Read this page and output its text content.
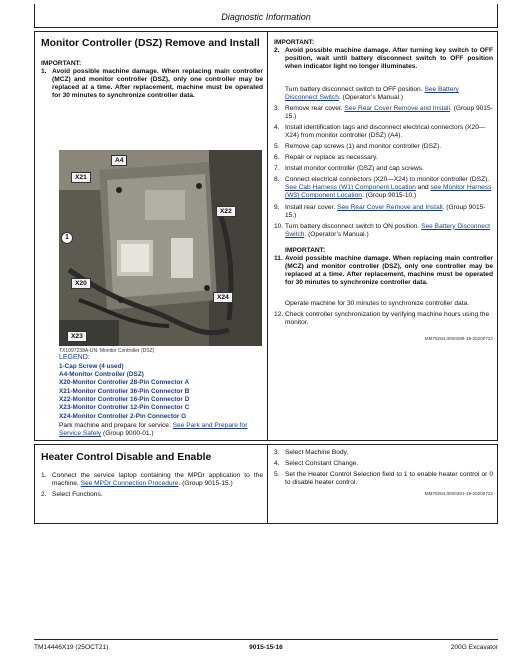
Diagnostic Information
Monitor Controller (DSZ) Remove and Install
IMPORTANT:
1. Avoid possible machine damage. When replacing main controller (MCZ) and monitor controller (DSZ), only one controller may be replaced at a time. After replacement, machine must be operated for 30 minutes to synchronize controller data.
A4
X21
X22
1
X20
X24
X23
TX1097238A-UN: Monitor Controller (DSZ)
LEGEND:
1-Cap Screw (4 used)
A4-Monitor Controller (DSZ)
X20-Monitor Controller 28-Pin Connector A
X21-Monitor Controller 36-Pin Connector B
X22-Monitor Controller 16-Pin Connector D
X23-Monitor Controller 12-Pin Connector C
X24-Monitor Controller 2-Pin Connector G
Park machine and prepare for service. See Park and Prepare for Service Safely (Group 9000-01.)
IMPORTANT:
2. Avoid possible machine damage. After turning key switch to OFF position, wait until battery disconnect switch to OFF position when indicator light no longer illuminates.
Turn battery disconnect switch to OFF position. See Battery Disconnect Switch. (Operator’s Manual.)
3. Remove rear cover. See Rear Cover Remove and Install. (Group 9015-15.)
4. Install identification tags and disconnect electrical connectors (X20—X24) from monitor controller (DSZ) (A4).
5. Remove cap screws (1) and monitor controller (DSZ).
6. Repair or replace as necessary.
7. Install monitor controller (DSZ) and cap screws.
8. Connect electrical connectors (X20—X24) to monitor controller (DSZ). See Cab Harness (W1) Component Location and see Monitor Harness (W3) Component Location. (Group 9015-10.)
9. Install rear cover. See Rear Cover Remove and Install. (Group 9015-15.)
10. Turn battery disconnect switch to ON position. See Battery Disconnect Switch. (Operator’s Manual.)
IMPORTANT:
11. Avoid possible machine damage. When replacing main controller (MCZ) and monitor controller (DSZ), only one controller may be replaced at a time. After replacement, machine must be operated for 30 minutes to synchronize controller data.
Operate machine for 30 minutes to synchronize controller data.
12. Check controller synchronization by verifying machine hours using the monitor.
MM78284,0000288-19-20200722
Heater Control Disable and Enable
1. Connect the service laptop containing the MPDr application to the machine. See MPDr Connection Procedure. (Group 9015-15.)
2. Select Functions.
3. Select Machine Body.
4. Select Constant Change.
5. Set the Heater Control Selection field to 1 to enable heater control or 0 to disable heater control.
MM78284,0000281-19-20200722
TM14446X19 (25OCT21)	9015-15-16	200G Excavator
